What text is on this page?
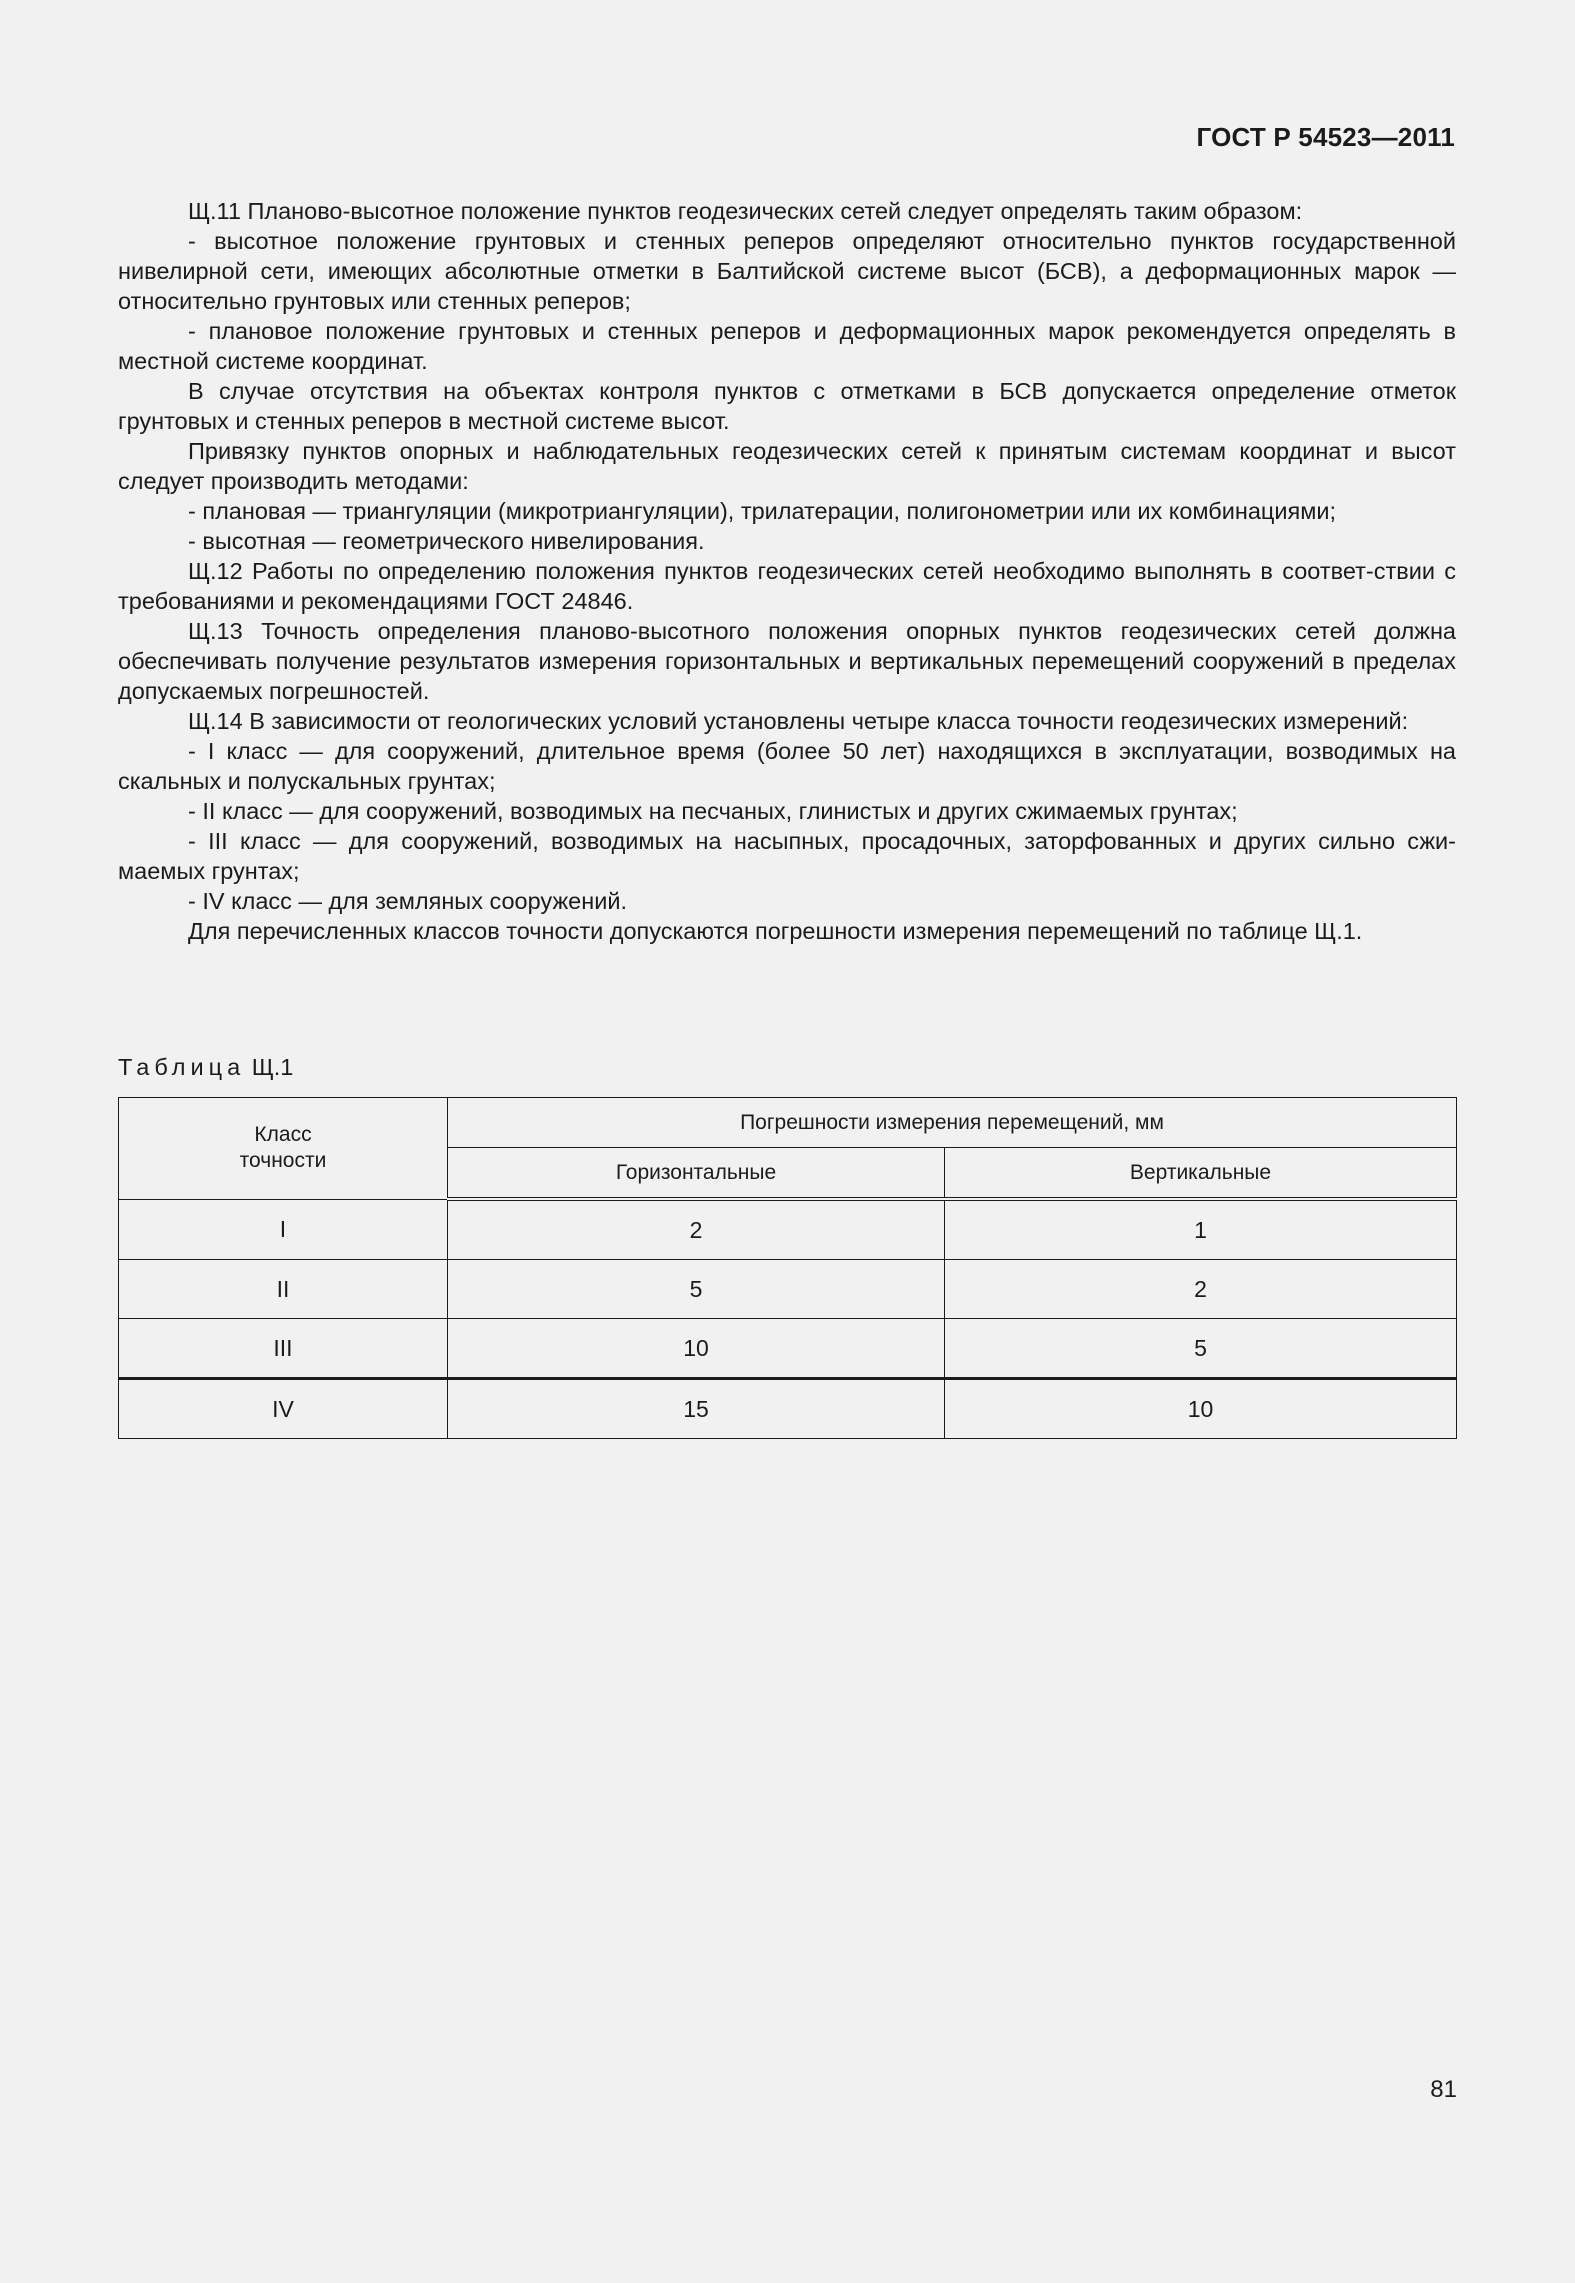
ГОСТ Р 54523—2011

Щ.11 Планово-высотное положение пунктов геодезических сетей следует определять таким образом:

- высотное положение грунтовых и стенных реперов определяют относительно пунктов государственной нивелирной сети, имеющих абсолютные отметки в Балтийской системе высот (БСВ), а деформационных марок — относительно грунтовых или стенных реперов;

- плановое положение грунтовых и стенных реперов и деформационных марок рекомендуется определять в местной системе координат.

В случае отсутствия на объектах контроля пунктов с отметками в БСВ допускается определение отметок грунтовых и стенных реперов в местной системе высот.

Привязку пунктов опорных и наблюдательных геодезических сетей к принятым системам координат и высот следует производить методами:

- плановая — триангуляции (микротриангуляции), трилатерации, полигонометрии или их комбинациями;

- высотная — геометрического нивелирования.

Щ.12 Работы по определению положения пунктов геодезических сетей необходимо выполнять в соответ-ствии с требованиями и рекомендациями ГОСТ 24846.

Щ.13 Точность определения планово-высотного положения опорных пунктов геодезических сетей должна обеспечивать получение результатов измерения горизонтальных и вертикальных перемещений сооружений в пределах допускаемых погрешностей.

Щ.14 В зависимости от геологических условий установлены четыре класса точности геодезических измерений:

- I класс — для сооружений, длительное время (более 50 лет) находящихся в эксплуатации, возводимых на скальных и полускальных грунтах;

- II класс — для сооружений, возводимых на песчаных, глинистых и других сжимаемых грунтах;

- III класс — для сооружений, возводимых на насыпных, просадочных, заторфованных и других сильно сжи-маемых грунтах;

- IV класс — для земляных сооружений.

Для перечисленных классов точности допускаются погрешности измерения перемещений по таблице Щ.1.

Таблица Щ.1
Класс точности	Погрешности измерения перемещений, мм	
	Горизонтальные	Вертикальные
I	2	1
II	5	2
III	10	5
IV	15	10
81
